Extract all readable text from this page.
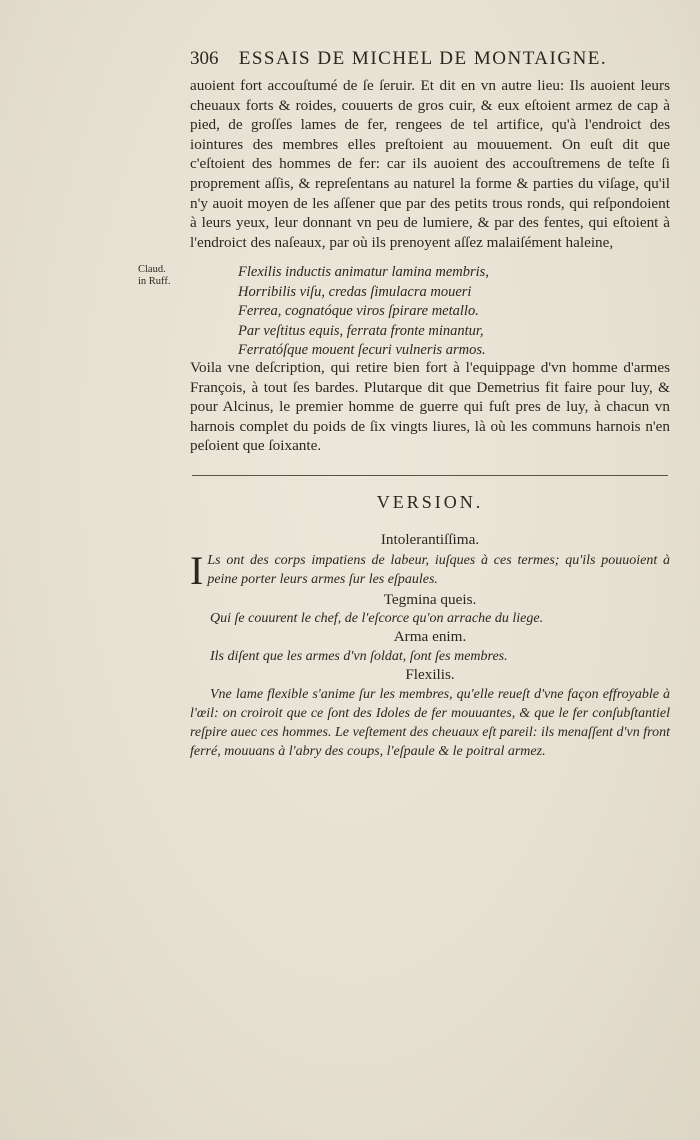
306 ESSAIS DE MICHEL DE MONTAIGNE.

auoient fort accouſtumé de ſe ſeruir. Et dit en vn autre lieu: Ils auoient leurs cheuaux forts & roides, couuerts de gros cuir, & eux eſtoient armez de cap à pied, de groſſes lames de fer, rengees de tel artifice, qu'à l'endroict des iointures des membres elles preſtoient au mouuement. On euſt dit que c'eſtoient des hommes de fer: car ils auoient des accouſtremens de teſte ſi proprement aſſis, & repreſentans au naturel la forme & parties du viſage, qu'il n'y auoit moyen de les aſſener que par des petits trous ronds, qui reſpondoient à leurs yeux, leur donnant vn peu de lumiere, & par des fentes, qui eſtoient à l'endroict des naſeaux, par où ils prenoyent aſſez malaiſément haleine,

Claud.
in Ruff.
Flexilis inductis animatur lamina membris,
Horribilis viſu, credas ſimulacra moueri
Ferrea, cognatóque viros ſpirare metallo.
Par veſtitus equis, ferrata fronte minantur,
Ferratóſque mouent ſecuri vulneris armos.

Voila vne deſcription, qui retire bien fort à l'equippage d'vn homme d'armes François, à tout ſes bardes. Plutarque dit que Demetrius fit faire pour luy, & pour Alcinus, le premier homme de guerre qui fuſt pres de luy, à chacun vn harnois complet du poids de ſix vingts liures, là où les communs harnois n'en peſoient que ſoixante.

VERSION.
Intolerantiſſima.
I Ls ont des corps impatiens de labeur, iuſques à ces termes; qu'ils pouuoient à peine porter leurs armes ſur les eſpaules.
Tegmina queis.
Qui ſe couurent le chef, de l'eſcorce qu'on arrache du liege.
Arma enim.
Ils diſent que les armes d'vn ſoldat, ſont ſes membres.
Flexilis.

Vne lame flexible s'anime ſur les membres, qu'elle reueſt d'vne façon effroyable à l'œil: on croiroit que ce ſont des Idoles de fer mouuantes, & que le fer conſubſtantiel reſpire auec ces hommes. Le veſtement des cheuaux eſt pareil: ils menaſſent d'vn front ferré, mouuans à l'abry des coups, l'eſpaule & le poitral armez.
